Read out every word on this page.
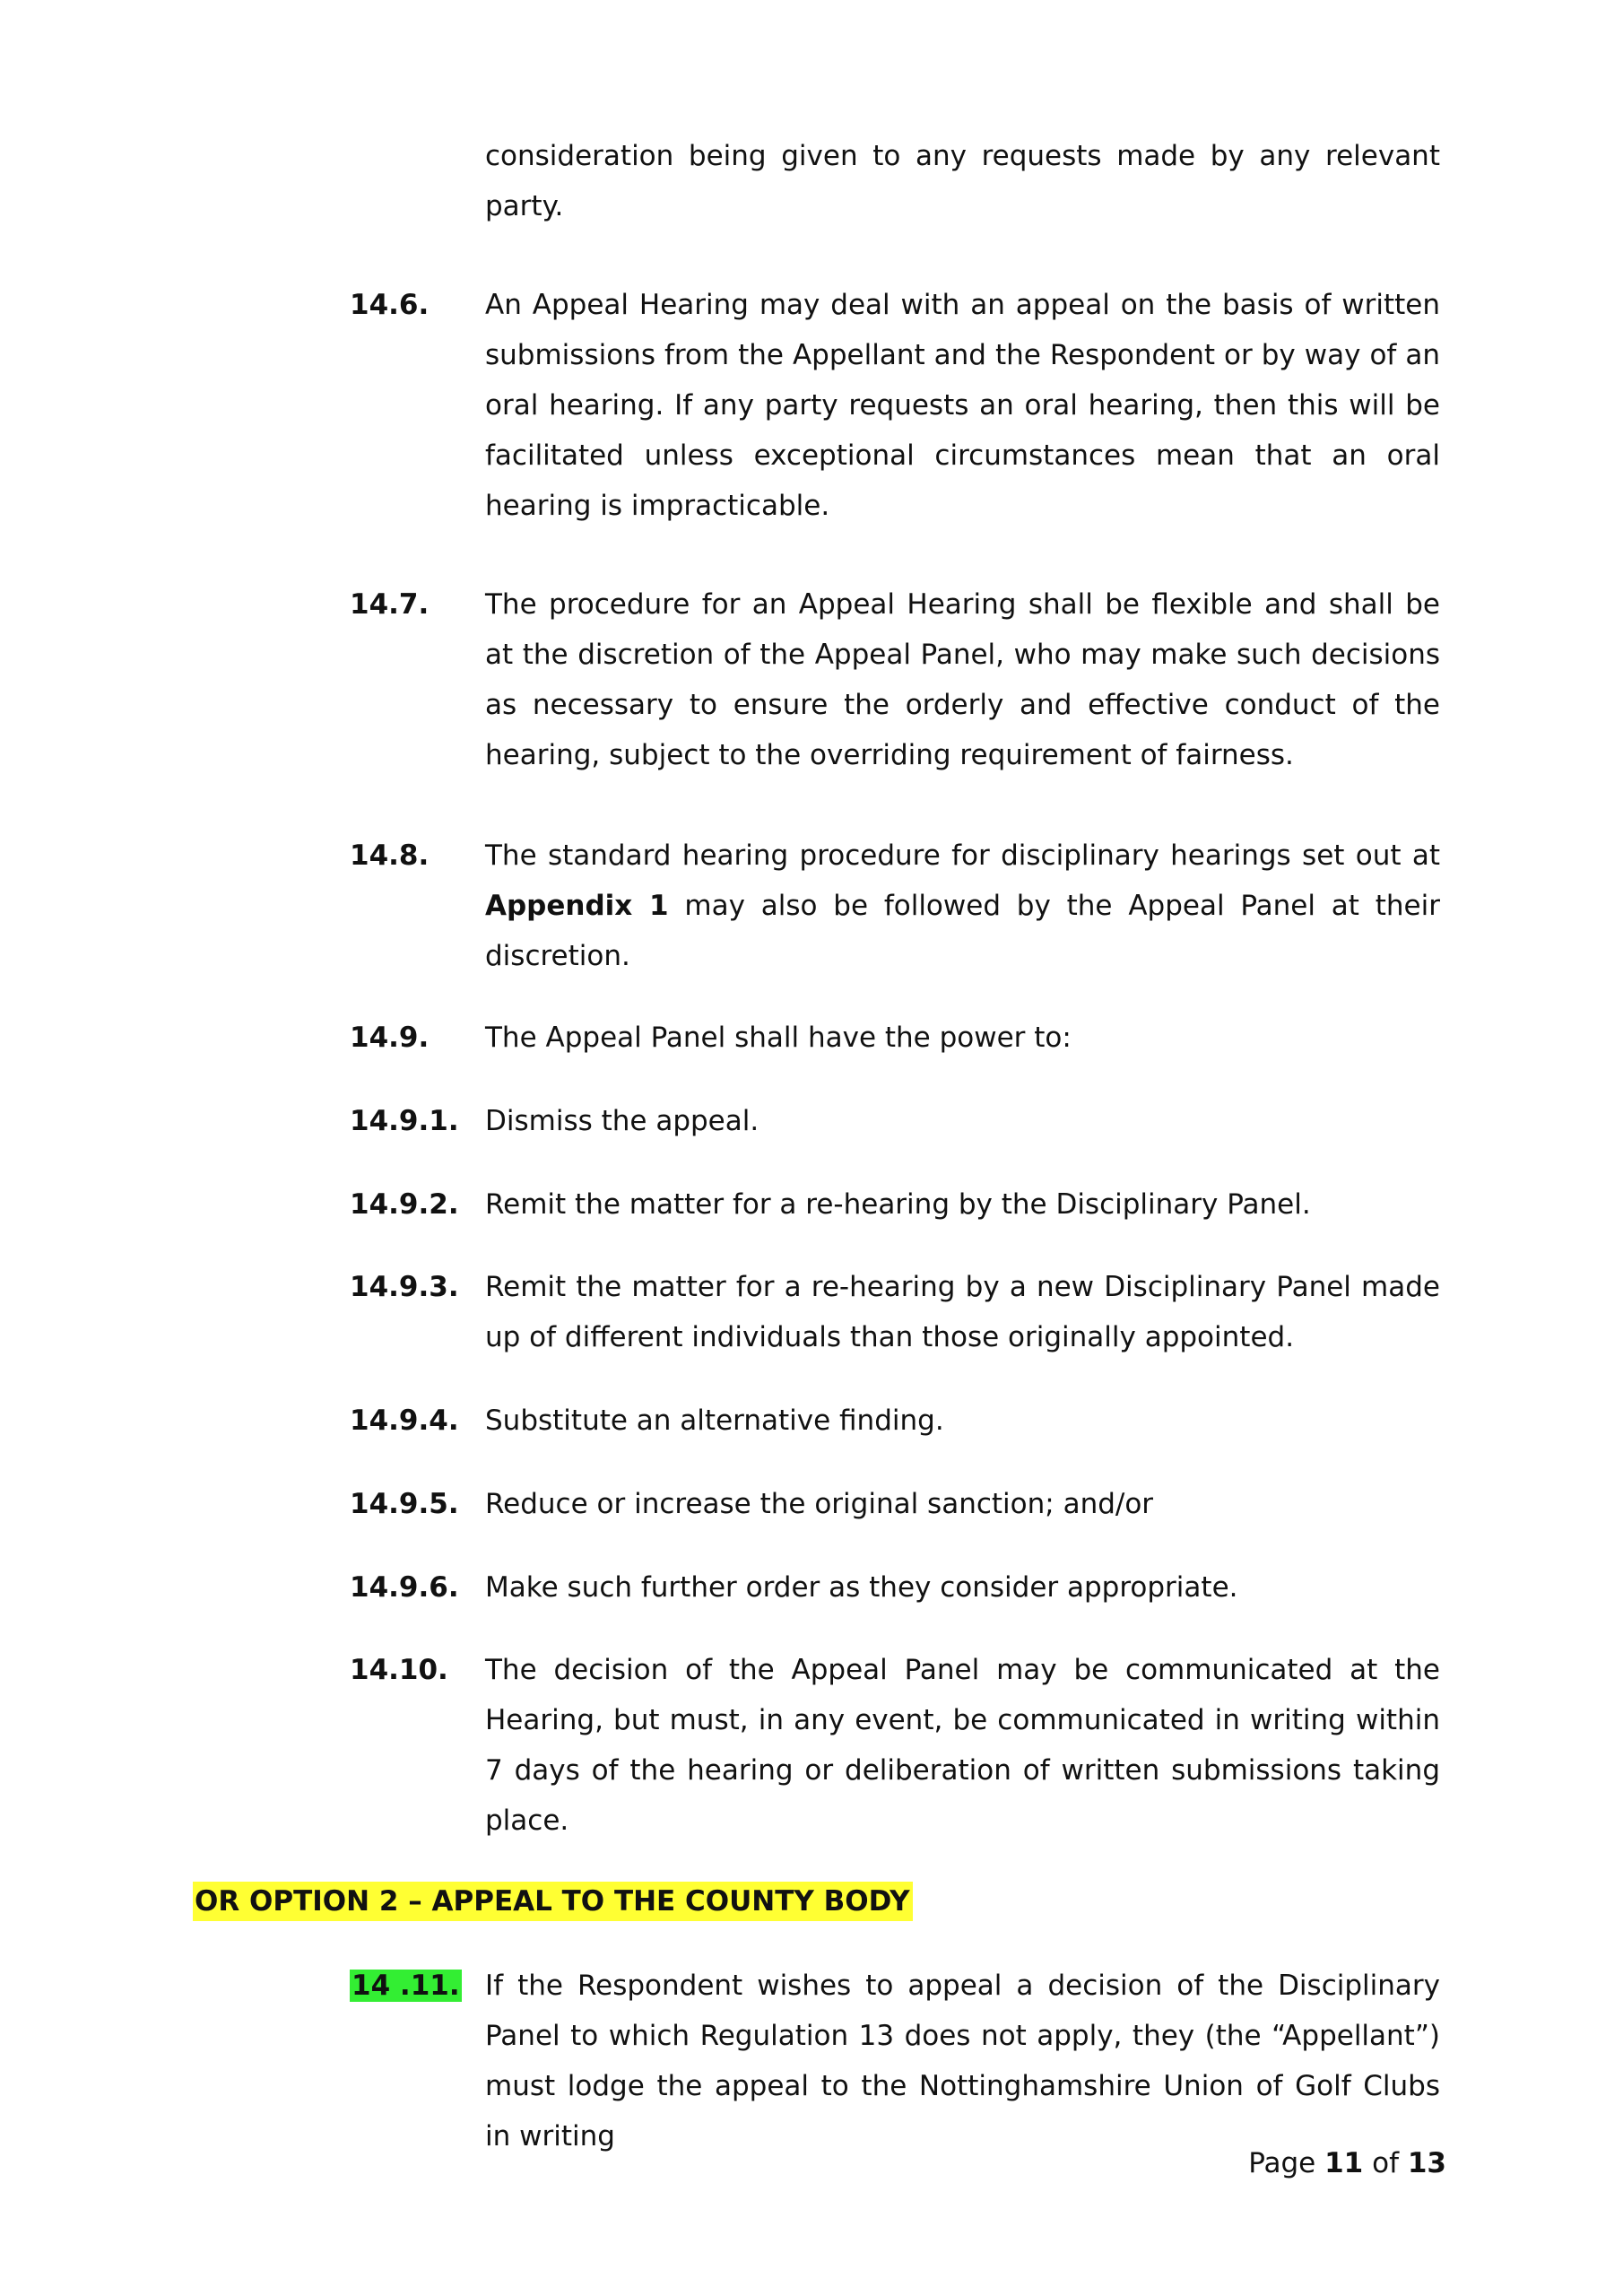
consideration being given to any requests made by any relevant party.
14.6.	An Appeal Hearing may deal with an appeal on the basis of written submissions from the Appellant and the Respondent or by way of an oral hearing. If any party requests an oral hearing, then this will be facilitated unless exceptional circumstances mean that an oral hearing is impracticable.
14.7.	The procedure for an Appeal Hearing shall be flexible and shall be at the discretion of the Appeal Panel, who may make such decisions as necessary to ensure the orderly and effective conduct of the hearing, subject to the overriding requirement of fairness.
14.8.	The standard hearing procedure for disciplinary hearings set out at Appendix 1 may also be followed by the Appeal Panel at their discretion.
14.9.	The Appeal Panel shall have the power to:
14.9.1. Dismiss the appeal.
14.9.2. Remit the matter for a re-hearing by the Disciplinary Panel.
14.9.3. Remit the matter for a re-hearing by a new Disciplinary Panel made up of different individuals than those originally appointed.
14.9.4. Substitute an alternative finding.
14.9.5. Reduce or increase the original sanction; and/or
14.9.6. Make such further order as they consider appropriate.
14.10.	The decision of the Appeal Panel may be communicated at the Hearing, but must, in any event, be communicated in writing within 7 days of the hearing or deliberation of written submissions taking place.
OR OPTION 2 – APPEAL TO THE COUNTY BODY
14 .11. If the Respondent wishes to appeal a decision of the Disciplinary Panel to which Regulation 13 does not apply, they (the “Appellant”) must lodge the appeal to the Nottinghamshire Union of Golf Clubs in writing
Page 11 of 13
